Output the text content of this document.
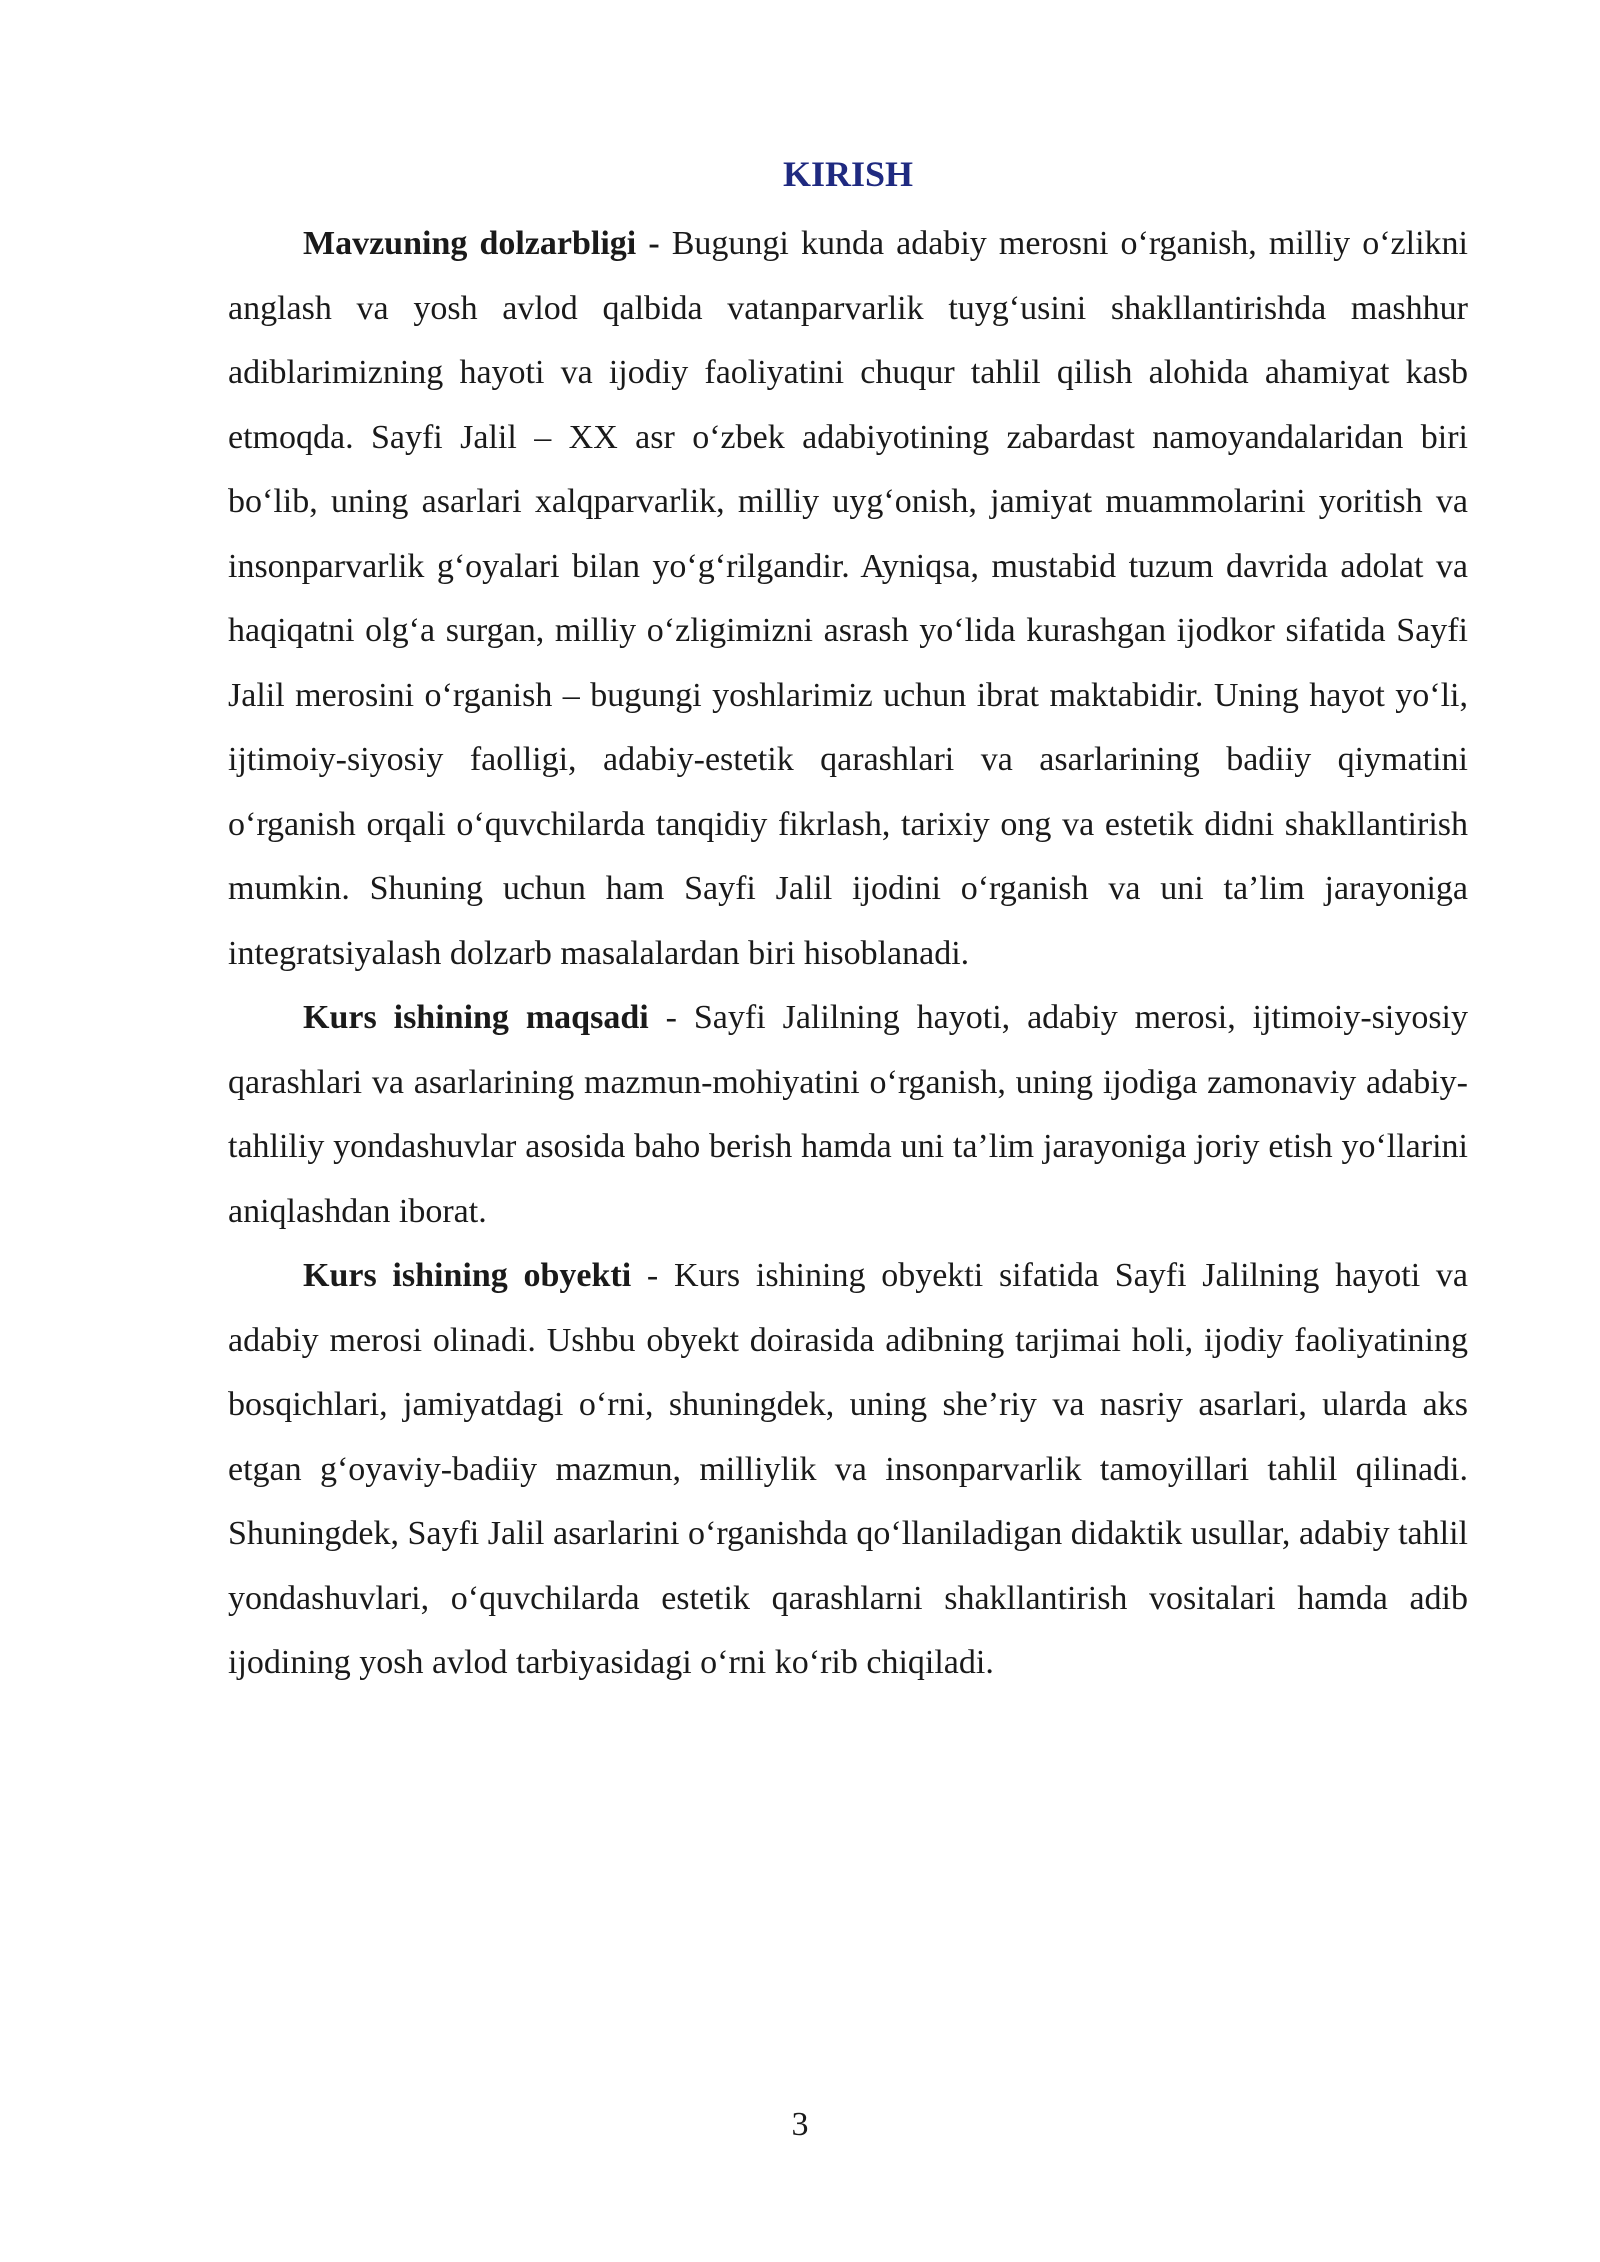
KIRISH

Mavzuning dolzarbligi - Bugungi kunda adabiy merosni o‘rganish, milliy o‘zlikni anglash va yosh avlod qalbida vatanparvarlik tuyg‘usini shakllantirishda mashhur adiblarimizning hayoti va ijodiy faoliyatini chuqur tahlil qilish alohida ahamiyat kasb etmoqda. Sayfi Jalil – XX asr o‘zbek adabiyotining zabardast namoyandalaridan biri bo‘lib, uning asarlari xalqparvarlik, milliy uyg‘onish, jamiyat muammolarini yoritish va insonparvarlik g‘oyalari bilan yo‘g‘rilgandir. Ayniqsa, mustabid tuzum davrida adolat va haqiqatni olg‘a surgan, milliy o‘zligimizni asrash yo‘lida kurashgan ijodkor sifatida Sayfi Jalil merosini o‘rganish – bugungi yoshlarimiz uchun ibrat maktabidir. Uning hayot yo‘li, ijtimoiy-siyosiy faolligi, adabiy-estetik qarashlari va asarlarining badiiy qiymatini o‘rganish orqali o‘quvchilarda tanqidiy fikrlash, tarixiy ong va estetik didni shakllantirish mumkin. Shuning uchun ham Sayfi Jalil ijodini o‘rganish va uni ta’lim jarayoniga integratsiyalash dolzarb masalalardan biri hisoblanadi.

Kurs ishining maqsadi - Sayfi Jalilning hayoti, adabiy merosi, ijtimoiy-siyosiy qarashlari va asarlarining mazmun-mohiyatini o‘rganish, uning ijodiga zamonaviy adabiy-tahliliy yondashuvlar asosida baho berish hamda uni ta’lim jarayoniga joriy etish yo‘llarini aniqlashdan iborat.

Kurs ishining obyekti - Kurs ishining obyekti sifatida Sayfi Jalilning hayoti va adabiy merosi olinadi. Ushbu obyekt doirasida adibning tarjimai holi, ijodiy faoliyatining bosqichlari, jamiyatdagi o‘rni, shuningdek, uning she’riy va nasriy asarlari, ularda aks etgan g‘oyaviy-badiiy mazmun, milliylik va insonparvarlik tamoyillari tahlil qilinadi. Shuningdek, Sayfi Jalil asarlarini o‘rganishda qo‘llaniladigan didaktik usullar, adabiy tahlil yondashuvlari, o‘quvchilarda estetik qarashlarni shakllantirish vositalari hamda adib ijodining yosh avlod tarbiyasidagi o‘rni ko‘rib chiqiladi.

3
